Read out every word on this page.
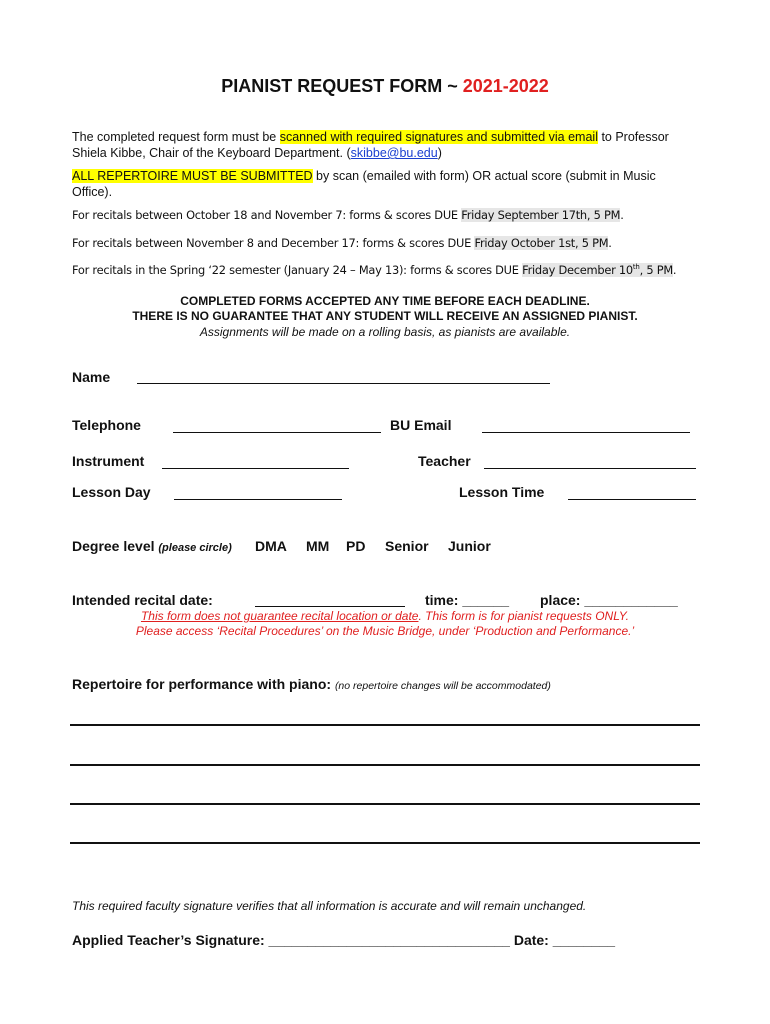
PIANIST REQUEST FORM ~ 2021-2022
The completed request form must be scanned with required signatures and submitted via email to Professor
Shiela Kibbe, Chair of the Keyboard Department. (skibbe@bu.edu)
ALL REPERTOIRE MUST BE SUBMITTED by scan (emailed with form) OR actual score (submit in Music
Office).
For recitals between October 18 and November 7: forms & scores DUE Friday September 17th, 5 PM.
For recitals between November 8 and December 17: forms & scores DUE Friday October 1st, 5 PM.
For recitals in the Spring ‘22 semester (January 24 – May 13): forms & scores DUE Friday December 10th, 5 PM.
COMPLETED FORMS ACCEPTED ANY TIME BEFORE EACH DEADLINE.
THERE IS NO GUARANTEE THAT ANY STUDENT WILL RECEIVE AN ASSIGNED PIANIST.
Assignments will be made on a rolling basis, as pianists are available.
Name
Telephone	BU Email
Instrument	Teacher
Lesson Day	Lesson Time
Degree level (please circle) DMA MM PD Senior Junior
Intended recital date:	time: ______ place: ____________
This form does not guarantee recital location or date. This form is for pianist requests ONLY.
Please access ‘Recital Procedures’ on the Music Bridge, under ‘Production and Performance.’
Repertoire for performance with piano: (no repertoire changes will be accommodated)
This required faculty signature verifies that all information is accurate and will remain unchanged.
Applied Teacher’s Signature: _______________________________ Date: ________
